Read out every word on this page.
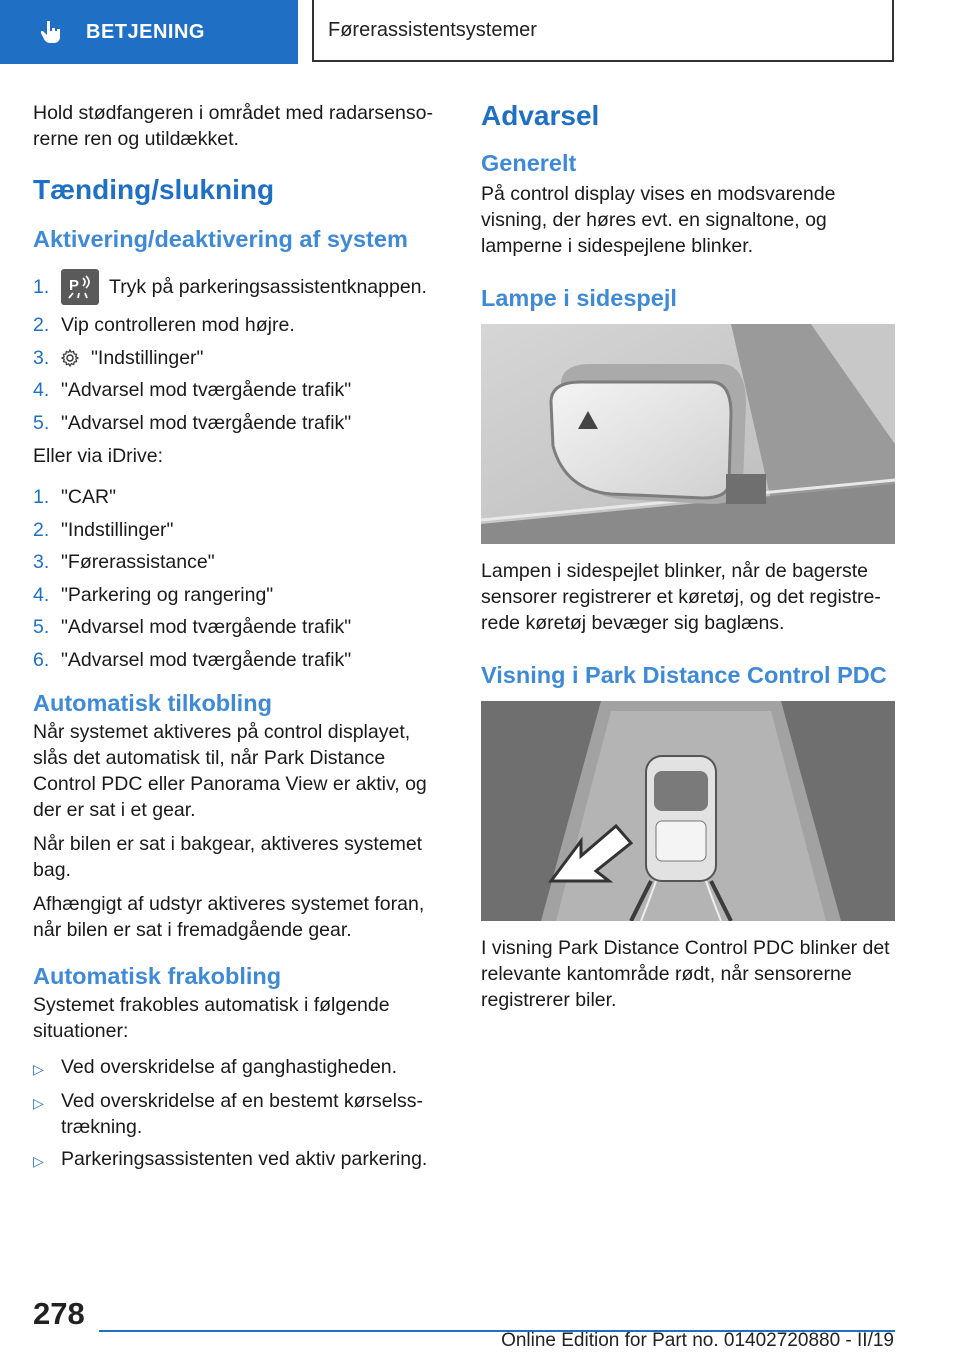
BETJENING	Førerassistentsystemer

Hold stødfangeren i området med radarsensorerne ren og utildækket.

Tænding/slukning
Aktivering/deaktivering af system
1.	P Tryk på parkeringsassistentknappen.
2. Vip controlleren mod højre.
3.	"Indstillinger"
4. "Advarsel mod tværgående trafik"
5. "Advarsel mod tværgående trafik"

Eller via iDrive:

1. "CAR"
2. "Indstillinger"
3. "Førerassistance"
4. "Parkering og rangering"
5. "Advarsel mod tværgående trafik"
6. "Advarsel mod tværgående trafik"
Automatisk tilkobling

Når systemet aktiveres på control displayet, slås det automatisk til, når Park Distance Control PDC eller Panorama View er aktiv, og der er sat i et gear.

Når bilen er sat i bakgear, aktiveres systemet bag.

Afhængigt af udstyr aktiveres systemet foran, når bilen er sat i fremadgående gear.

Automatisk frakobling

Systemet frakobles automatisk i følgende situationer:

▷ Ved overskridelse af ganghastigheden.
▷ Ved overskridelse af en bestemt kørselsstrækning.
▷ Parkeringsassistenten ved aktiv parkering.
Advarsel
Generelt

På control display vises en modsvarende visning, der høres evt. en signaltone, og lamperne i sidespejlene blinker.

Lampe i sidespejl

Lampen i sidespejlet blinker, når de bagerste sensorer registrerer et køretøj, og det registrerede køretøj bevæger sig baglæns.

Visning i Park Distance Control PDC

I visning Park Distance Control PDC blinker det relevante kantområde rødt, når sensorerne registrerer biler.

278
Online Edition for Part no. 01402720880 - II/19
